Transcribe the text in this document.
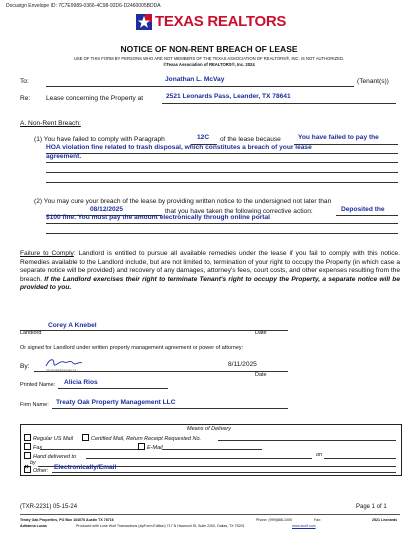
Docusign Envelope ID: 7C7E9989-0366-4C98-92D6-D2460005BDDA
TEXAS REALTORS
NOTICE OF NON-RENT BREACH OF LEASE
USE OF THIS FORM BY PERSONS WHO ARE NOT MEMBERS OF THE TEXAS ASSOCIATION OF REALTORS®, INC. IS NOT AUTHORIZED.
©Texas Association of REALTORS®, Inc. 2024
To:	Jonathan L. McVay	(Tenant(s))
Re: Lease concerning the Property at	2521 Leonards Pass, Leander, TX 78641
A. Non-Rent Breach:
(1) You have failed to comply with Paragraph	12C of the lease because	You have failed to pay the
HOA violation fine related to trash disposal, which constitutes a breach of your lease
agreement.
(2) You may cure your breach of the lease by providing written notice to the undersigned not later than
08/12/2025	that you have taken the following corrective action:	Deposited the
$100 fine. You must pay the amount electronically through online portal
Failure to Comply: Landlord is entitled to pursue all available remedies under the lease if you fail to comply with this notice. Remedies available to the Landlord include, but are not limited to, termination of your right to occupy the Property (in which case a separate notice will be provided) and recovery of any damages, attorney's fees, court costs, and other expenses resulting from the breach. If the Landlord exercises their right to terminate Tenant's right to occupy the Property, a separate notice will be provided to you.
Landlord
Corey A Knebel
Date
Or signed for Landlord under written property management agreement or power of attorney:
By:
3D4E9B6B5409F47A...
8/11/2025
Date
Printed Name: Alicia Rios
Firm Name: Treaty Oak Property Management LLC
Means of Delivery
Regular US Mail	Certified Mail, Return Receipt Requested No.
Fax	E-Mail
Hand delivered to	on
by
×Other: Electronically/Email
(TXR-2231) 05-15-24	Page 1 of 1
Treaty Oak Properties, PO Box 164076 Austin TX 78716	Phone: (999)888-1000	Fax:	2521 Leonards
Adrianna Lucas	Produced with Lone Wolf Transactions (zipForm Edition) 717 N Harwood St, Suite 2200, Dallas, TX 75201	www.lwolf.com
